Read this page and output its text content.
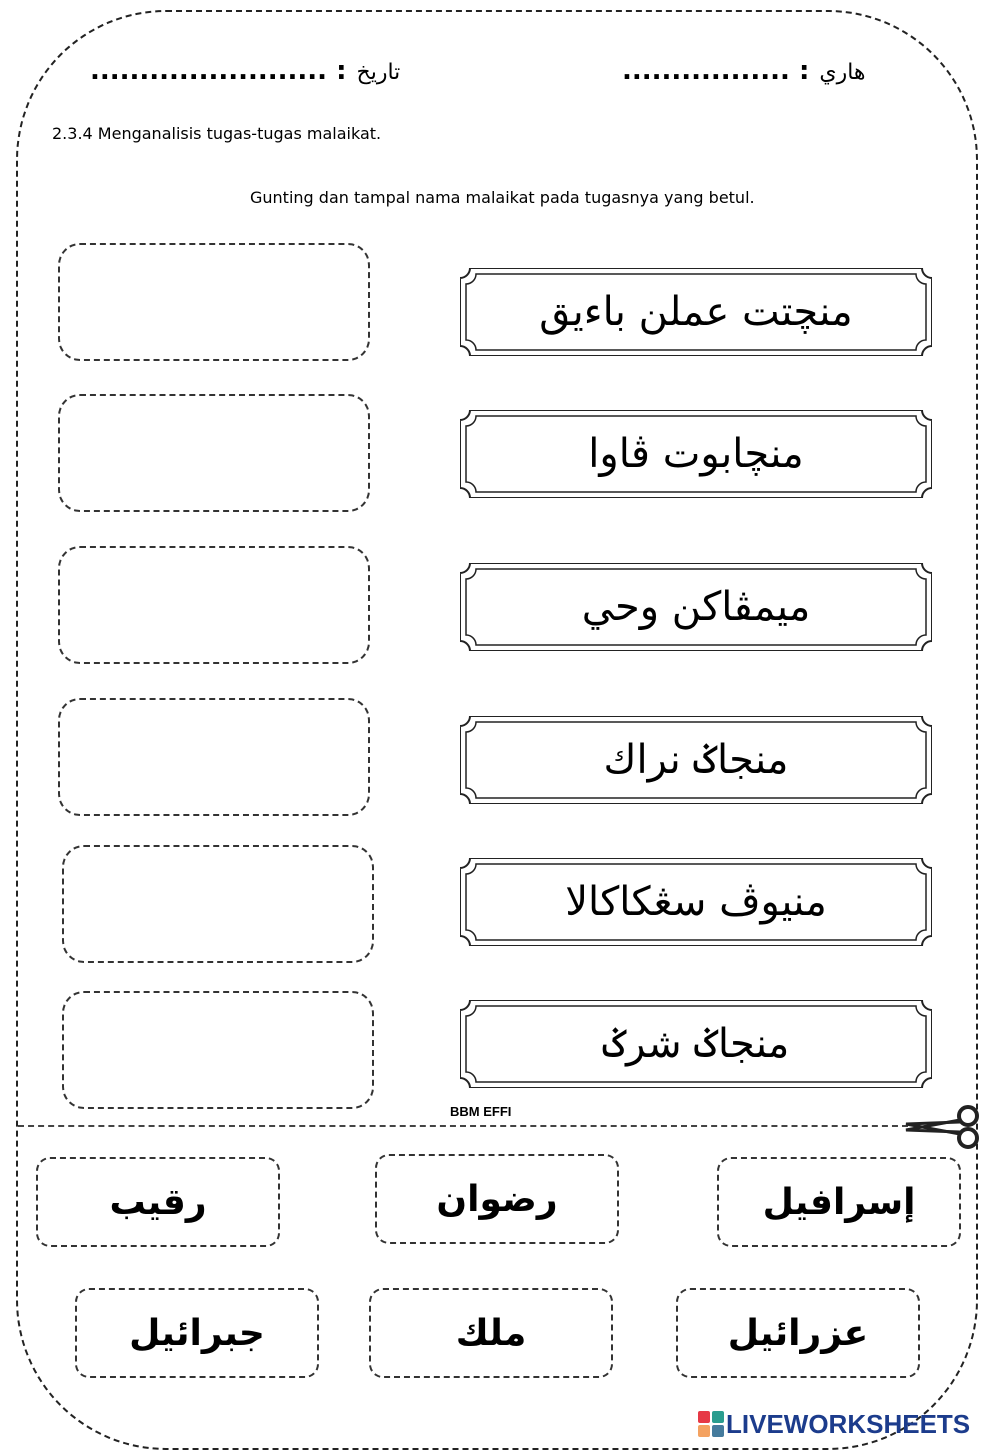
........................ : تاريخ	................. : هاري
2.3.4 Menganalisis tugas-tugas malaikat.
Gunting dan tampal nama malaikat pada tugasnya yang betul.
منچتت عملن باءيق
منچابوت ڤاوا
ميمڤاكن وحي
منجاݢ نراك
منيوڤ سڠكاكالا
منجاݢ شرݢ
BBM EFFI
رقيب	رضوان	إسرافيل
جبرائيل	ملك	عزرائيل
LIVEWORKSHEETS
